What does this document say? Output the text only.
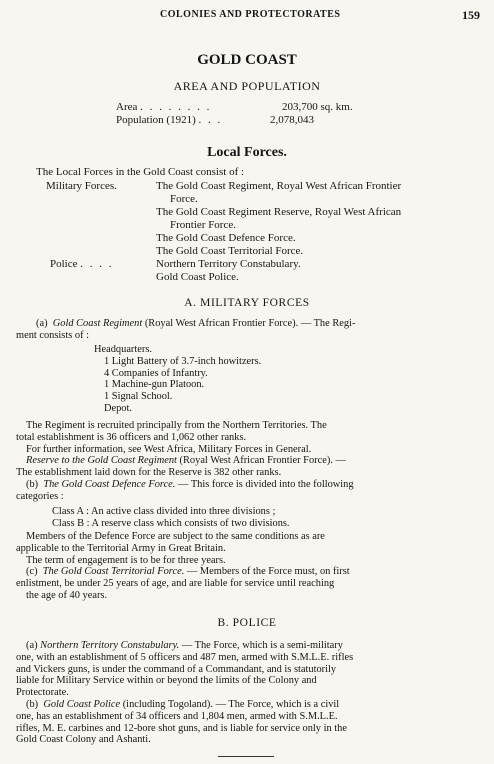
COLONIES AND PROTECTORATES	159
GOLD COAST
AREA AND POPULATION
Area . . . . . . . .	203,700 sq. km.
Population (1921) . . .	2,078,043
Local Forces.
The Local Forces in the Gold Coast consist of :
Military Forces.	The Gold Coast Regiment, Royal West African Frontier
Force.
The Gold Coast Regiment Reserve, Royal West African
Frontier Force.
The Gold Coast Defence Force.
The Gold Coast Territorial Force.
Police . . . .	Northern Territory Constabulary.
Gold Coast Police.
A. MILITARY FORCES
(a) Gold Coast Regiment (Royal West African Frontier Force). — The Regi-
ment consists of :
Headquarters.
1 Light Battery of 3.7-inch howitzers.
4 Companies of Infantry.
1 Machine-gun Platoon.
1 Signal School.
Depot.
The Regiment is recruited principally from the Northern Territories. The
total establishment is 36 officers and 1,062 other ranks.
For further information, see West Africa, Military Forces in General.
Reserve to the Gold Coast Regiment (Royal West African Frontier Force). —
The establishment laid down for the Reserve is 382 other ranks.
(b) The Gold Coast Defence Force. — This force is divided into the following
categories :
Class A : An active class divided into three divisions ;
Class B : A reserve class which consists of two divisions.
Members of the Defence Force are subject to the same conditions as are
applicable to the Territorial Army in Great Britain.
The term of engagement is to be for three years.
(c) The Gold Coast Territorial Force. — Members of the Force must, on first
enlistment, be under 25 years of age, and are liable for service until reaching
the age of 40 years.
B. POLICE
(a) Northern Territory Constabulary. — The Force, which is a semi-military
one, with an establishment of 5 officers and 487 men, armed with S.M.L.E. rifles
and Vickers guns, is under the command of a Commandant, and is statutorily
liable for Military Service within or beyond the limits of the Colony and
Protectorate.
(b) Gold Coast Police (including Togoland). — The Force, which is a civil
one, has an establishment of 34 officers and 1,804 men, armed with S.M.L.E.
rifles, M. E. carbines and 12-bore shot guns, and is liable for service only in the
Gold Coast Colony and Ashanti.
